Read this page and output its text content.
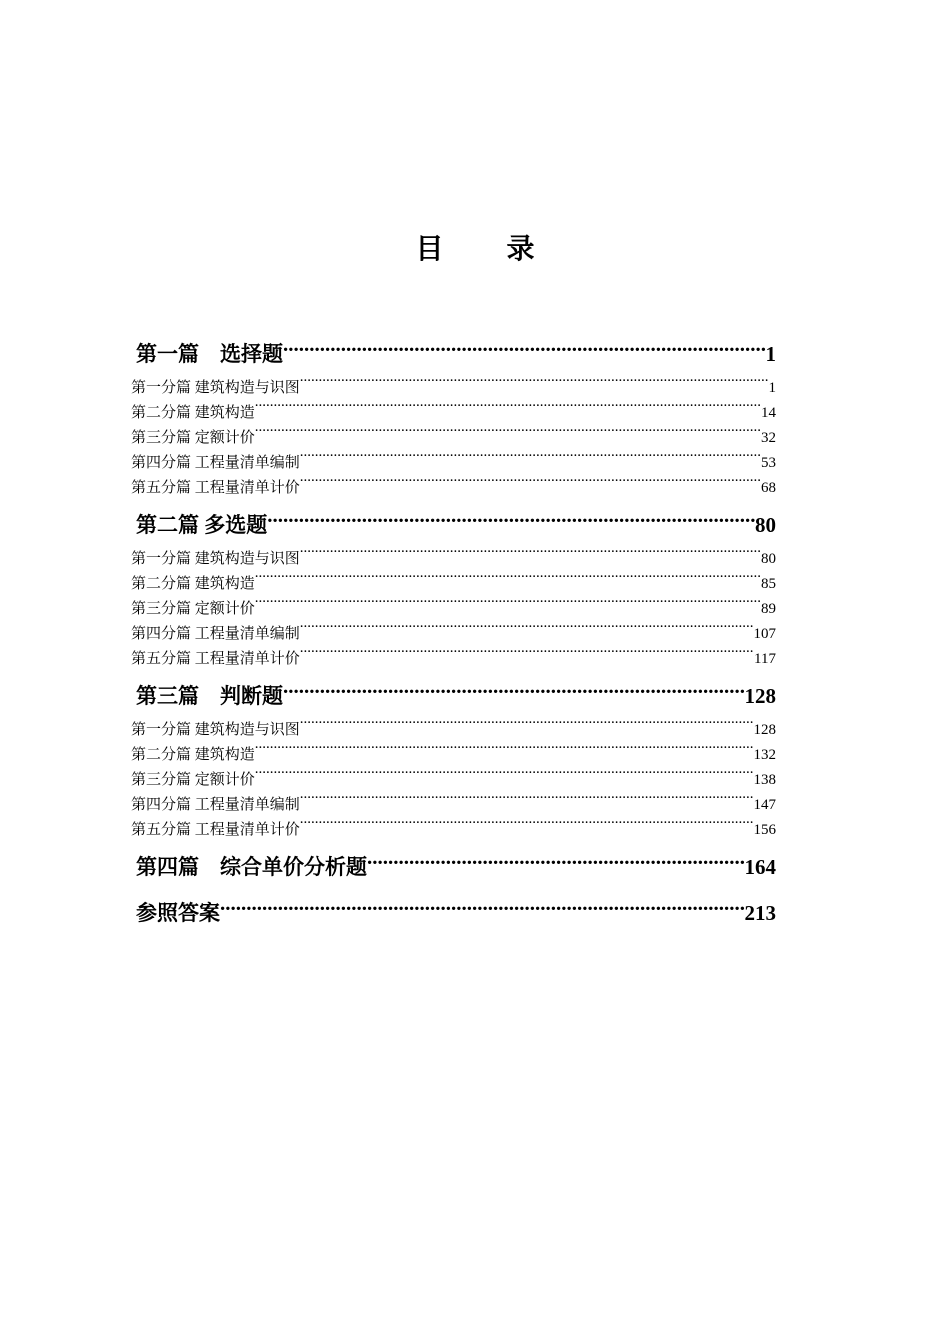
目 录
第一篇　选择题 .....	1
第一分篇 建筑构造与识图 .....	1
第二分篇 建筑构造 .....	14
第三分篇 定额计价 .....	32
第四分篇 工程量清单编制 .....	53
第五分篇 工程量清单计价 .....	68
第二篇 多选题 .....	80
第一分篇 建筑构造与识图 .....	80
第二分篇 建筑构造 .....	85
第三分篇 定额计价 .....	89
第四分篇 工程量清单编制 .....	107
第五分篇 工程量清单计价 .....	117
第三篇　判断题 .....	128
第一分篇 建筑构造与识图 .....	128
第二分篇 建筑构造 .....	132
第三分篇 定额计价 .....	138
第四分篇 工程量清单编制 .....	147
第五分篇 工程量清单计价 .....	156
第四篇　综合单价分析题 .....	164
参照答案 .....	213
